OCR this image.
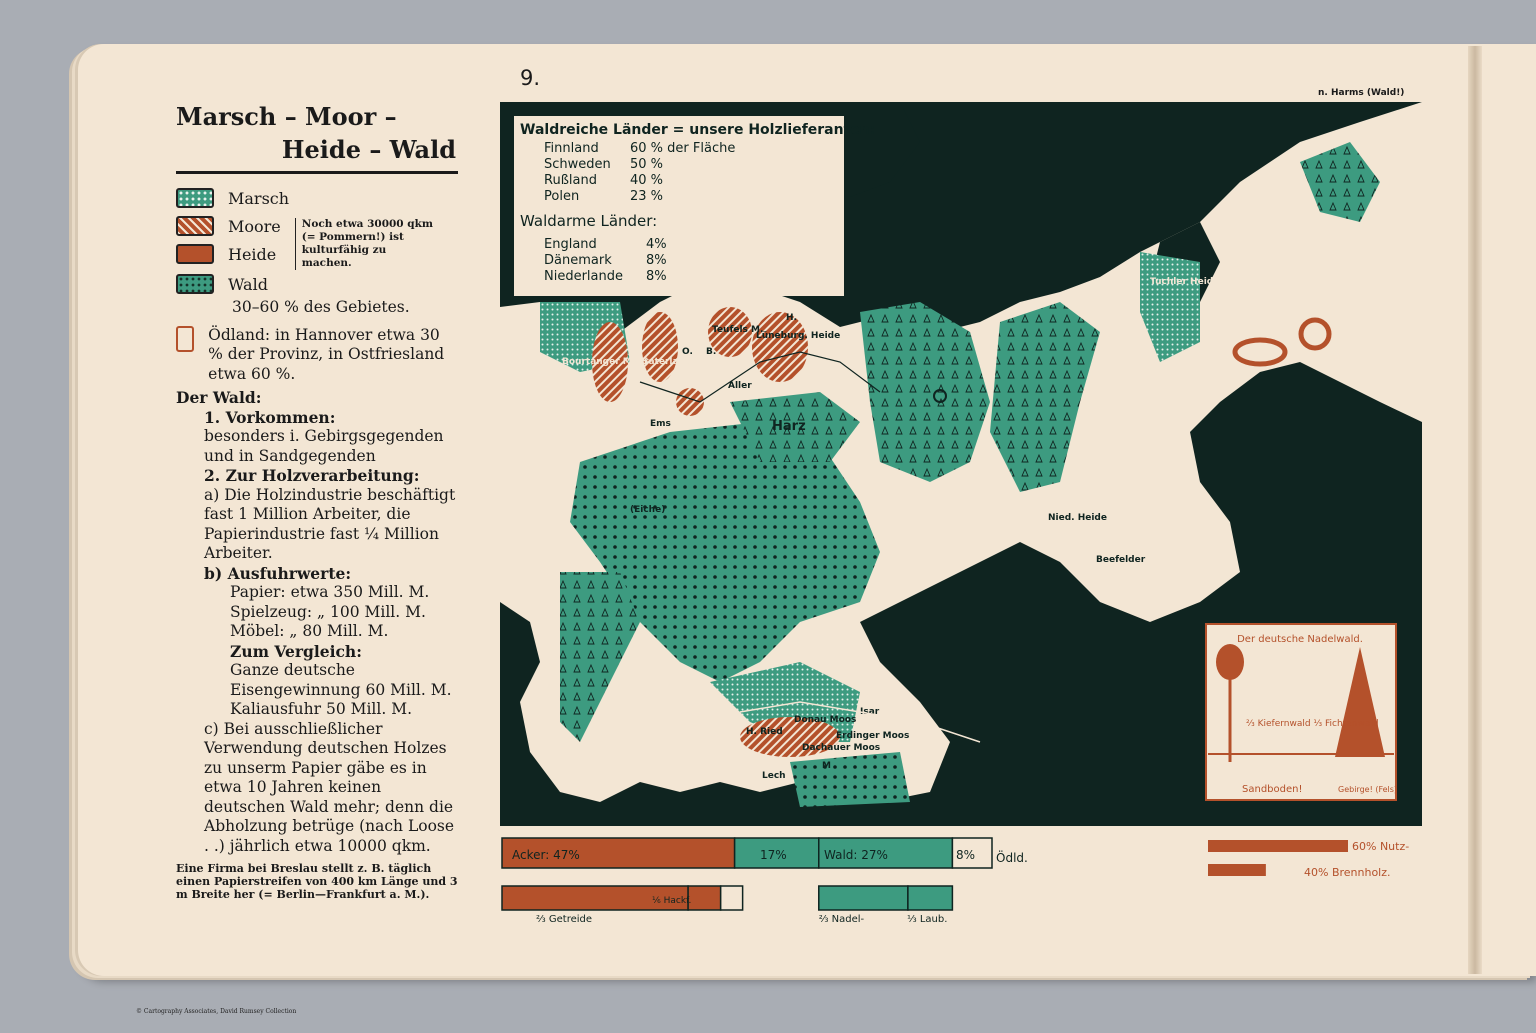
9.
n. Harms (Wald!)
Marsch – Moor –
Heide – Wald
Marsch
Moore
Heide
Noch etwa 30000 qkm (= Pommern!) ist kulturfähig zu machen.
Wald
30–60 % des Gebietes.
Ödland: in Hannover etwa 30 % der Provinz, in Ostfriesland etwa 60 %.
Der Wald:
1. Vorkommen:
besonders i. Gebirgsgegenden und in Sandgegenden
2. Zur Holzverarbeitung:
a) Die Holzindustrie beschäftigt fast 1 Million Arbeiter, die Papierindustrie fast ¼ Million Arbeiter.
b) Ausfuhrwerte:
Papier: etwa 350 Mill. M.
Spielzeug: „ 100 Mill. M.
Möbel: „ 80 Mill. M.
Zum Vergleich:
Ganze deutsche Eisengewinnung 60 Mill. M. Kaliausfuhr 50 Mill. M.
c) Bei ausschließlicher Verwendung deutschen Holzes zu unserm Papier gäbe es in etwa 10 Jahren keinen deutschen Wald mehr; denn die Abholzung betrüge (nach Loose . .) jährlich etwa 10000 qkm.
Eine Firma bei Breslau stellt z. B. täglich einen Papierstreifen von 400 km Länge und 3 m Breite her (= Berlin—Frankfurt a. M.).
Waldreiche Länder = unsere Holzlieferanten:
Finnland 60 % der Fläche
Schweden 50 %
Rußland	40 %
Polen	23 %
Waldarme Länder:
England	4%
Dänemark	8%
Niederlande 8%
Bourtanger Moor
Saterland
Teufels M.
Lüneburg. Heide
Aller
Ems	Harz
(Eiche)
Nied. Heide
Beefelder
Tuchler Heide
H.
O. B.
Isar
Donau Moos
Dachauer Moos
Erdinger Moos
M
Lech
H. Ried
Der deutsche Nadelwald.
⅔ Kiefernwald ⅓ Fichtenwald
Sandboden!	Gebirge! (Fels)
Acker: 47%	17%	Wald: 27%	8% Ödld.
⅔ Getreide
⅙ Hackf.
⅔ Nadel-	⅓ Laub.
60% Nutz-
40% Brennholz.
© Cartography Associates, David Rumsey Collection
